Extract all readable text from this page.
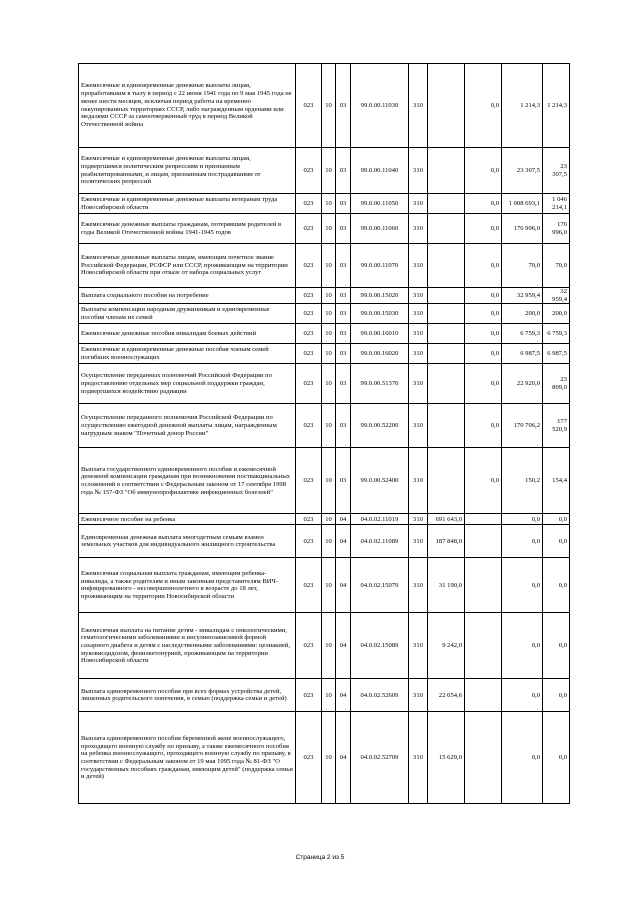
Ежемесячные и единовременные денежные выплаты лицам, проработавшим в тылу в период с 22 июня 1941 года по 9 мая 1945 года не менее шести месяцев, исключая период работы на временно оккупированных территориях СССР, либо награжденным орденами или медалями СССР за самоотверженный труд в период Великой Отечественной войны	023	10	03	99.0.00.11030	310		0,0	1 214,3	1 214,3
Ежемесячные и единовременные денежные выплаты лицам, подвергшимся политическим репрессиям и признанным реабилитированными, и лицам, признанным пострадавшими от политических репрессий	023	10	03	99.0.00.11040	310		0,0	23 307,5	23 307,5
Ежемесячные и единовременные денежные выплаты ветеранам труда Новосибирской области	023	10	03	99.0.00.11050	310		0,0	1 008 693,1	1 046 214,1
Ежемесячные денежные выплаты гражданам, потерявшим родителей в годы Великой Отечественной войны 1941-1945 годов	023	10	03	99.0.00.11060	310		0,0	176 996,0	176 996,0
Ежемесячные денежные выплаты лицам, имеющим почетное звание Российской Федерации, РСФСР или СССР, проживающим на территории Новосибирской области при отказе от набора социальных услуг	023	10	03	99.0.00.11070	310		0,0	70,0	70,0
Выплата социального пособия на погребение	023	10	03	99.0.00.15020	310		0,0	32 959,4	32 959,4
Выплаты компенсации народным дружинникам и единовременные пособия членам их семей	023	10	03	99.0.00.15030	310		0,0	200,0	200,0
Ежемесячные денежные пособия инвалидам боевых действий	023	10	03	99.0.00.16010	310		0,0	6 759,3	6 759,3
Ежемесячные и единовременные денежные пособия членам семей погибших военнослужащих	023	10	03	99.0.00.16020	310		0,0	6 987,5	6 987,5
Осуществление переданных полномочий Российской Федерации по предоставлению отдельных мер социальной поддержки граждан, подвергшихся воздействию радиации	023	10	03	99.0.00.51370	310		0,0	22 920,0	23 809,0
Осуществление переданного полномочия Российской Федерации по осуществлению ежегодной денежной выплаты лицам, награжденным нагрудным знаком "Почетный донор России"	023	10	03	99.0.00.52200	310		0,0	170 706,2	177 520,9
Выплата государственного единовременного пособия и ежемесячной денежной компенсации гражданам при возникновении поствакцинальных осложнений в соответствии с Федеральным законом от 17 сентября 1998 года № 157-ФЗ "Об иммунопрофилактике инфекционных болезней"	023	10	03	99.0.00.52400	310		0,0	150,2	154,4
Ежемесячное пособие на ребенка	023	10	04	04.0.02.11019	310	691 643,0		0,0	0,0
Единовременная денежная выплата многодетным семьям взамен земельных участков для индивидуального жилищного строительства	023	10	04	04.0.02.11089	310	187 848,0		0,0	0,0
Ежемесячная социальная выплата гражданам, имеющим ребенка-инвалида, а также родителям и иным законным представителям ВИЧ-инфицированного - несовершеннолетнего в возрасте до 18 лет, проживающим на территории Новосибирской области	023	10	04	04.0.02.15079	310	31 190,0		0,0	0,0
Ежемесячная выплата на питание детям - инвалидам с онкологическими, гематологическими заболеваниями и инсулинозависимой формой сахарного диабета и детям с наследственными заболеваниями: целиакией, муковисцидозом, фенилкетонурией, проживающим на территории Новосибирской области	023	10	04	04.0.02.15089	310	9 242,0		0,0	0,0
Выплата единовременного пособия при всех формах устройства детей, лишенных родительского попечения, в семью (поддержка семьи и детей)	023	10	04	04.0.02.52609	310	22 054,6		0,0	0,0
Выплата единовременного пособия беременной жене военнослужащего, проходящего военную службу по призыву, а также ежемесячного пособия на ребенка военнослужащего, проходящего военную службу по призыву, в соответствии с Федеральным законом от 19 мая 1995 года № 81-ФЗ "О государственных пособиях гражданам, имеющим детей" (поддержка семьи и детей)	023	10	04	04.0.02.52709	310	15 629,0		0,0	0,0
Страница 2 из 5
